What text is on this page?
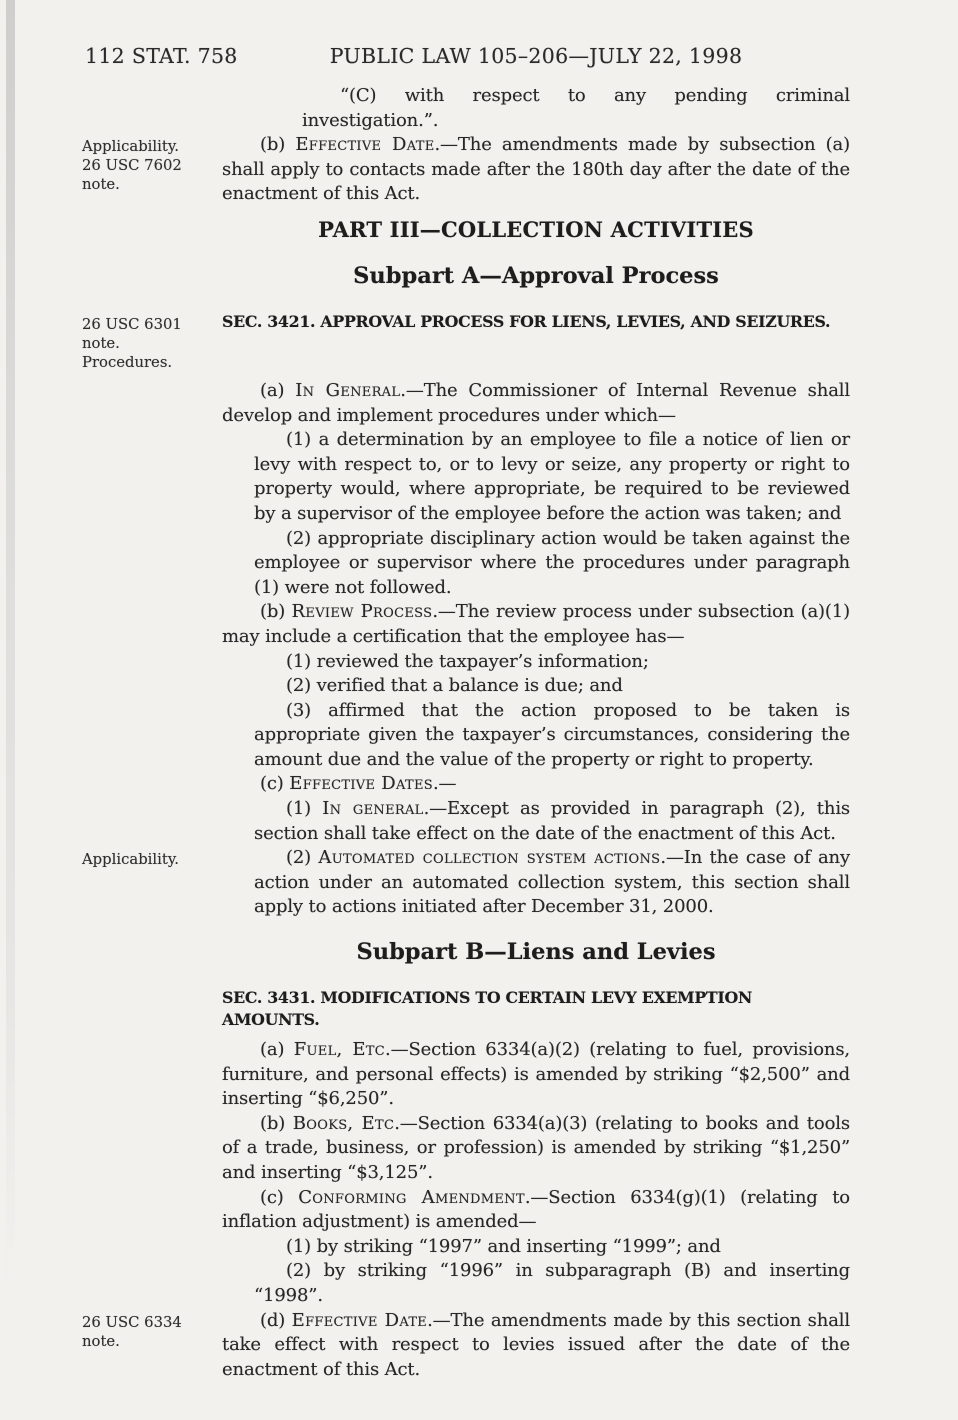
112 STAT. 758	PUBLIC LAW 105–206—JULY 22, 1998
“(C) with respect to any pending criminal investigation.”.
Applicability.
26 USC 7602
note.
(b) Effective Date.—The amendments made by subsection (a) shall apply to contacts made after the 180th day after the date of the enactment of this Act.
PART III—COLLECTION ACTIVITIES
Subpart A—Approval Process
26 USC 6301
note.
Procedures.
SEC. 3421. APPROVAL PROCESS FOR LIENS, LEVIES, AND SEIZURES.
(a) In General.—The Commissioner of Internal Revenue shall develop and implement procedures under which—
(1) a determination by an employee to file a notice of lien or levy with respect to, or to levy or seize, any property or right to property would, where appropriate, be required to be reviewed by a supervisor of the employee before the action was taken; and
(2) appropriate disciplinary action would be taken against the employee or supervisor where the procedures under paragraph (1) were not followed.
(b) Review Process.—The review process under subsection (a)(1) may include a certification that the employee has—
(1) reviewed the taxpayer’s information;
(2) verified that a balance is due; and
(3) affirmed that the action proposed to be taken is appropriate given the taxpayer’s circumstances, considering the amount due and the value of the property or right to property.
(c) Effective Dates.—
(1) In general.—Except as provided in paragraph (2), this section shall take effect on the date of the enactment of this Act.
Applicability.	(2) Automated collection system actions.—In the case of any action under an automated collection system, this section shall apply to actions initiated after December 31, 2000.
Subpart B—Liens and Levies
SEC. 3431. MODIFICATIONS TO CERTAIN LEVY EXEMPTION AMOUNTS.
(a) Fuel, Etc.—Section 6334(a)(2) (relating to fuel, provisions, furniture, and personal effects) is amended by striking “$2,500” and inserting “$6,250”.
(b) Books, Etc.—Section 6334(a)(3) (relating to books and tools of a trade, business, or profession) is amended by striking “$1,250” and inserting “$3,125”.
(c) Conforming Amendment.—Section 6334(g)(1) (relating to inflation adjustment) is amended—
(1) by striking “1997” and inserting “1999”; and
(2) by striking “1996” in subparagraph (B) and inserting “1998”.
26 USC 6334
note.
(d) Effective Date.—The amendments made by this section shall take effect with respect to levies issued after the date of the enactment of this Act.
